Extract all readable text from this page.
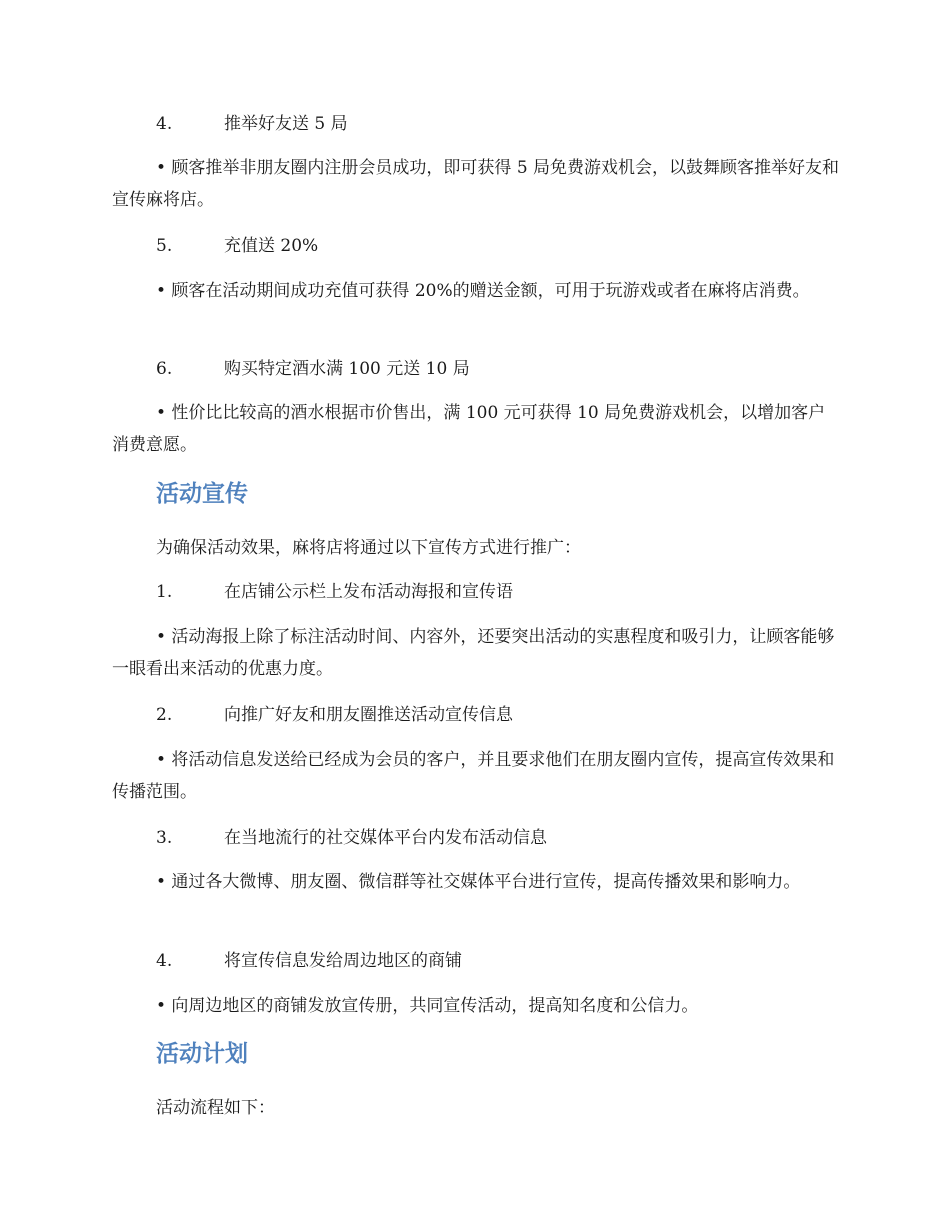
4.	推举好友送 5 局
• 顾客推举非朋友圈内注册会员成功，即可获得 5 局免费游戏机会，以鼓舞顾客推举好友和宣传麻将店。
5.	充值送 20%
• 顾客在活动期间成功充值可获得 20%的赠送金额，可用于玩游戏或者在麻将店消费。
6.	购买特定酒水满 100 元送 10 局
• 性价比比较高的酒水根据市价售出，满 100 元可获得 10 局免费游戏机会，以增加客户消费意愿。
活动宣传
为确保活动效果，麻将店将通过以下宣传方式进行推广：
1.	在店铺公示栏上发布活动海报和宣传语
• 活动海报上除了标注活动时间、内容外，还要突出活动的实惠程度和吸引力，让顾客能够一眼看出来活动的优惠力度。
2.	向推广好友和朋友圈推送活动宣传信息
• 将活动信息发送给已经成为会员的客户，并且要求他们在朋友圈内宣传，提高宣传效果和传播范围。
3.	在当地流行的社交媒体平台内发布活动信息
• 通过各大微博、朋友圈、微信群等社交媒体平台进行宣传，提高传播效果和影响力。
4.	将宣传信息发给周边地区的商铺
• 向周边地区的商铺发放宣传册，共同宣传活动，提高知名度和公信力。
活动计划
活动流程如下：
